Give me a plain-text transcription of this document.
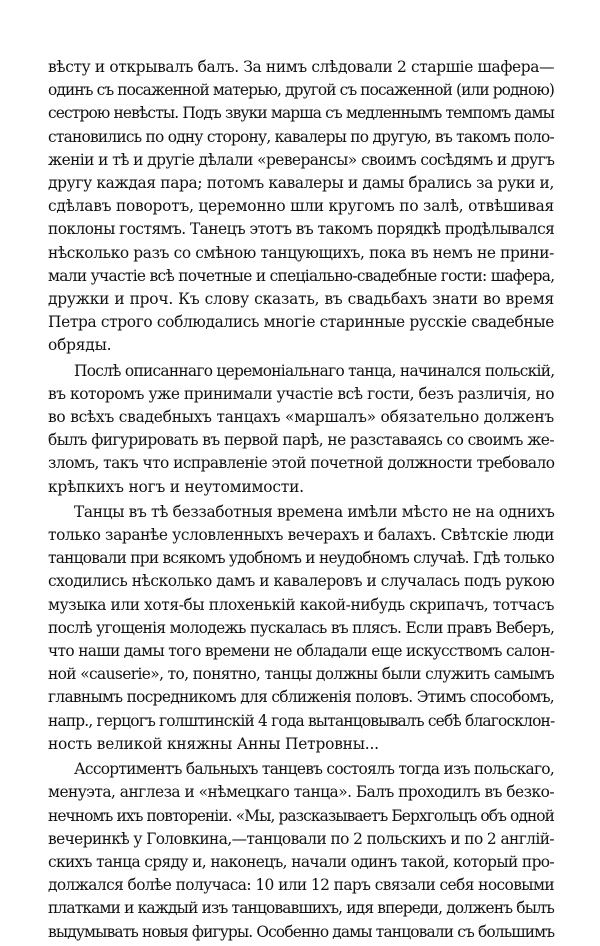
вѣсту и открывалъ балъ. За нимъ слѣдовали 2 старшiе шафера—
одинъ съ посаженной матерью, другой съ посаженной (или родною)
сестрою невѣсты. Подъ звуки марша съ медленнымъ темпомъ дамы
становились по одну сторону, кавалеры по другую, въ такомъ поло-
женiи и тѣ и другiе дѣлали «реверансы» своимъ сосѣдямъ и другъ
другу каждая пара; потомъ кавалеры и дамы брались за руки и,
сдѣлавъ поворотъ, церемонно шли кругомъ по залѣ, отвѣшивая
поклоны гостямъ. Танецъ этотъ въ такомъ порядкѣ продѣлывался
нѣсколько разъ со смѣною танцующихъ, пока въ немъ не прини-
мали участiе всѣ почетные и спецiально-свадебные гости: шафера,
дружки и проч. Къ слову сказать, въ свадьбахъ знати во время
Петра строго соблюдались многiе старинные русскiе свадебные
обряды.
Послѣ описаннаго церемонiальнаго танца, начинался польскiй,
въ которомъ уже принимали участiе всѣ гости, безъ различiя, но
во всѣхъ свадебныхъ танцахъ «маршалъ» обязательно долженъ
былъ фигурировать въ первой парѣ, не разставаясь со своимъ же-
зломъ, такъ что исправленiе этой почетной должности требовало
крѣпкихъ ногъ и неутомимости.
Танцы въ тѣ беззаботныя времена имѣли мѣсто не на однихъ
только заранѣе условленныхъ вечерахъ и балахъ. Свѣтскiе люди
танцовали при всякомъ удобномъ и неудобномъ случаѣ. Гдѣ только
сходились нѣсколько дамъ и кавалеровъ и случалась подъ рукою
музыка или хотя-бы плохенькiй какой-нибудь скрипачъ, тотчасъ
послѣ угощенiя молодежь пускалась въ плясъ. Если правъ Веберъ,
что наши дамы того времени не обладали еще искусствомъ салон-
ной «causerie», то, понятно, танцы должны были служить самымъ
главнымъ посредникомъ для сближенiя половъ. Этимъ способомъ,
напр., герцогъ голштинскiй 4 года вытанцовывалъ себѣ благосклон-
ность великой княжны Анны Петровны...
Ассортиментъ бальныхъ танцевъ состоялъ тогда изъ польскаго,
менуэта, англеза и «нѣмецкаго танца». Балъ проходилъ въ безко-
нечномъ ихъ повторенiи. «Мы, разсказываетъ Берхгольцъ объ одной
вечеринкѣ у Головкина,—танцовали по 2 польскихъ и по 2 англiй-
скихъ танца сряду и, наконецъ, начали одинъ такой, который про-
должался болѣе получаса: 10 или 12 паръ связали себя носовыми
платками и каждый изъ танцовавшихъ, идя впереди, долженъ былъ
выдумывать новыя фигуры. Особенно дамы танцовали съ большимъ
